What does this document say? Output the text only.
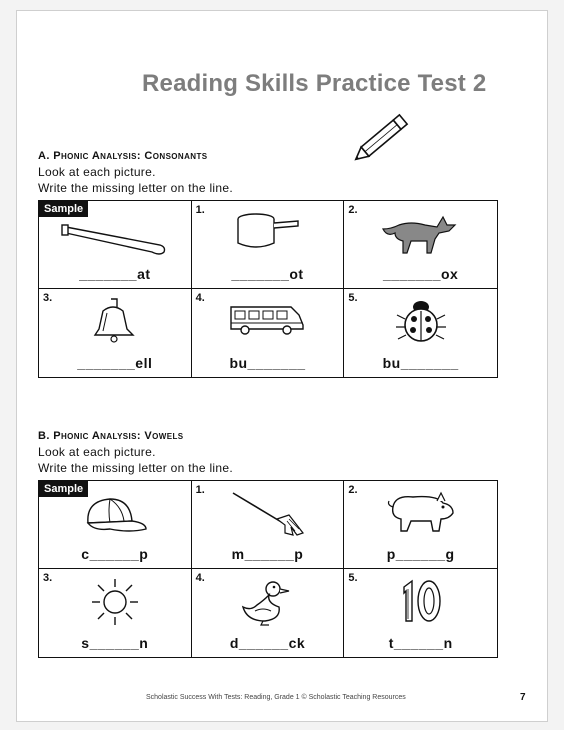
Reading Skills Practice Test 2
A. Phonic Analysis: Consonants
Look at each picture.
Write the missing letter on the line.
Sample
_______at
1.
_______ot
2.
_______ox
3.
_______ell
4.
bu_______
5.
bu_______
B. Phonic Analysis: Vowels
Look at each picture.
Write the missing letter on the line.
Sample
c______p
1.
m______p
2.
p______g
3.
s______n
4.
d______ck
5.
t______n
Scholastic Success With Tests: Reading, Grade 1 © Scholastic Teaching Resources	7
